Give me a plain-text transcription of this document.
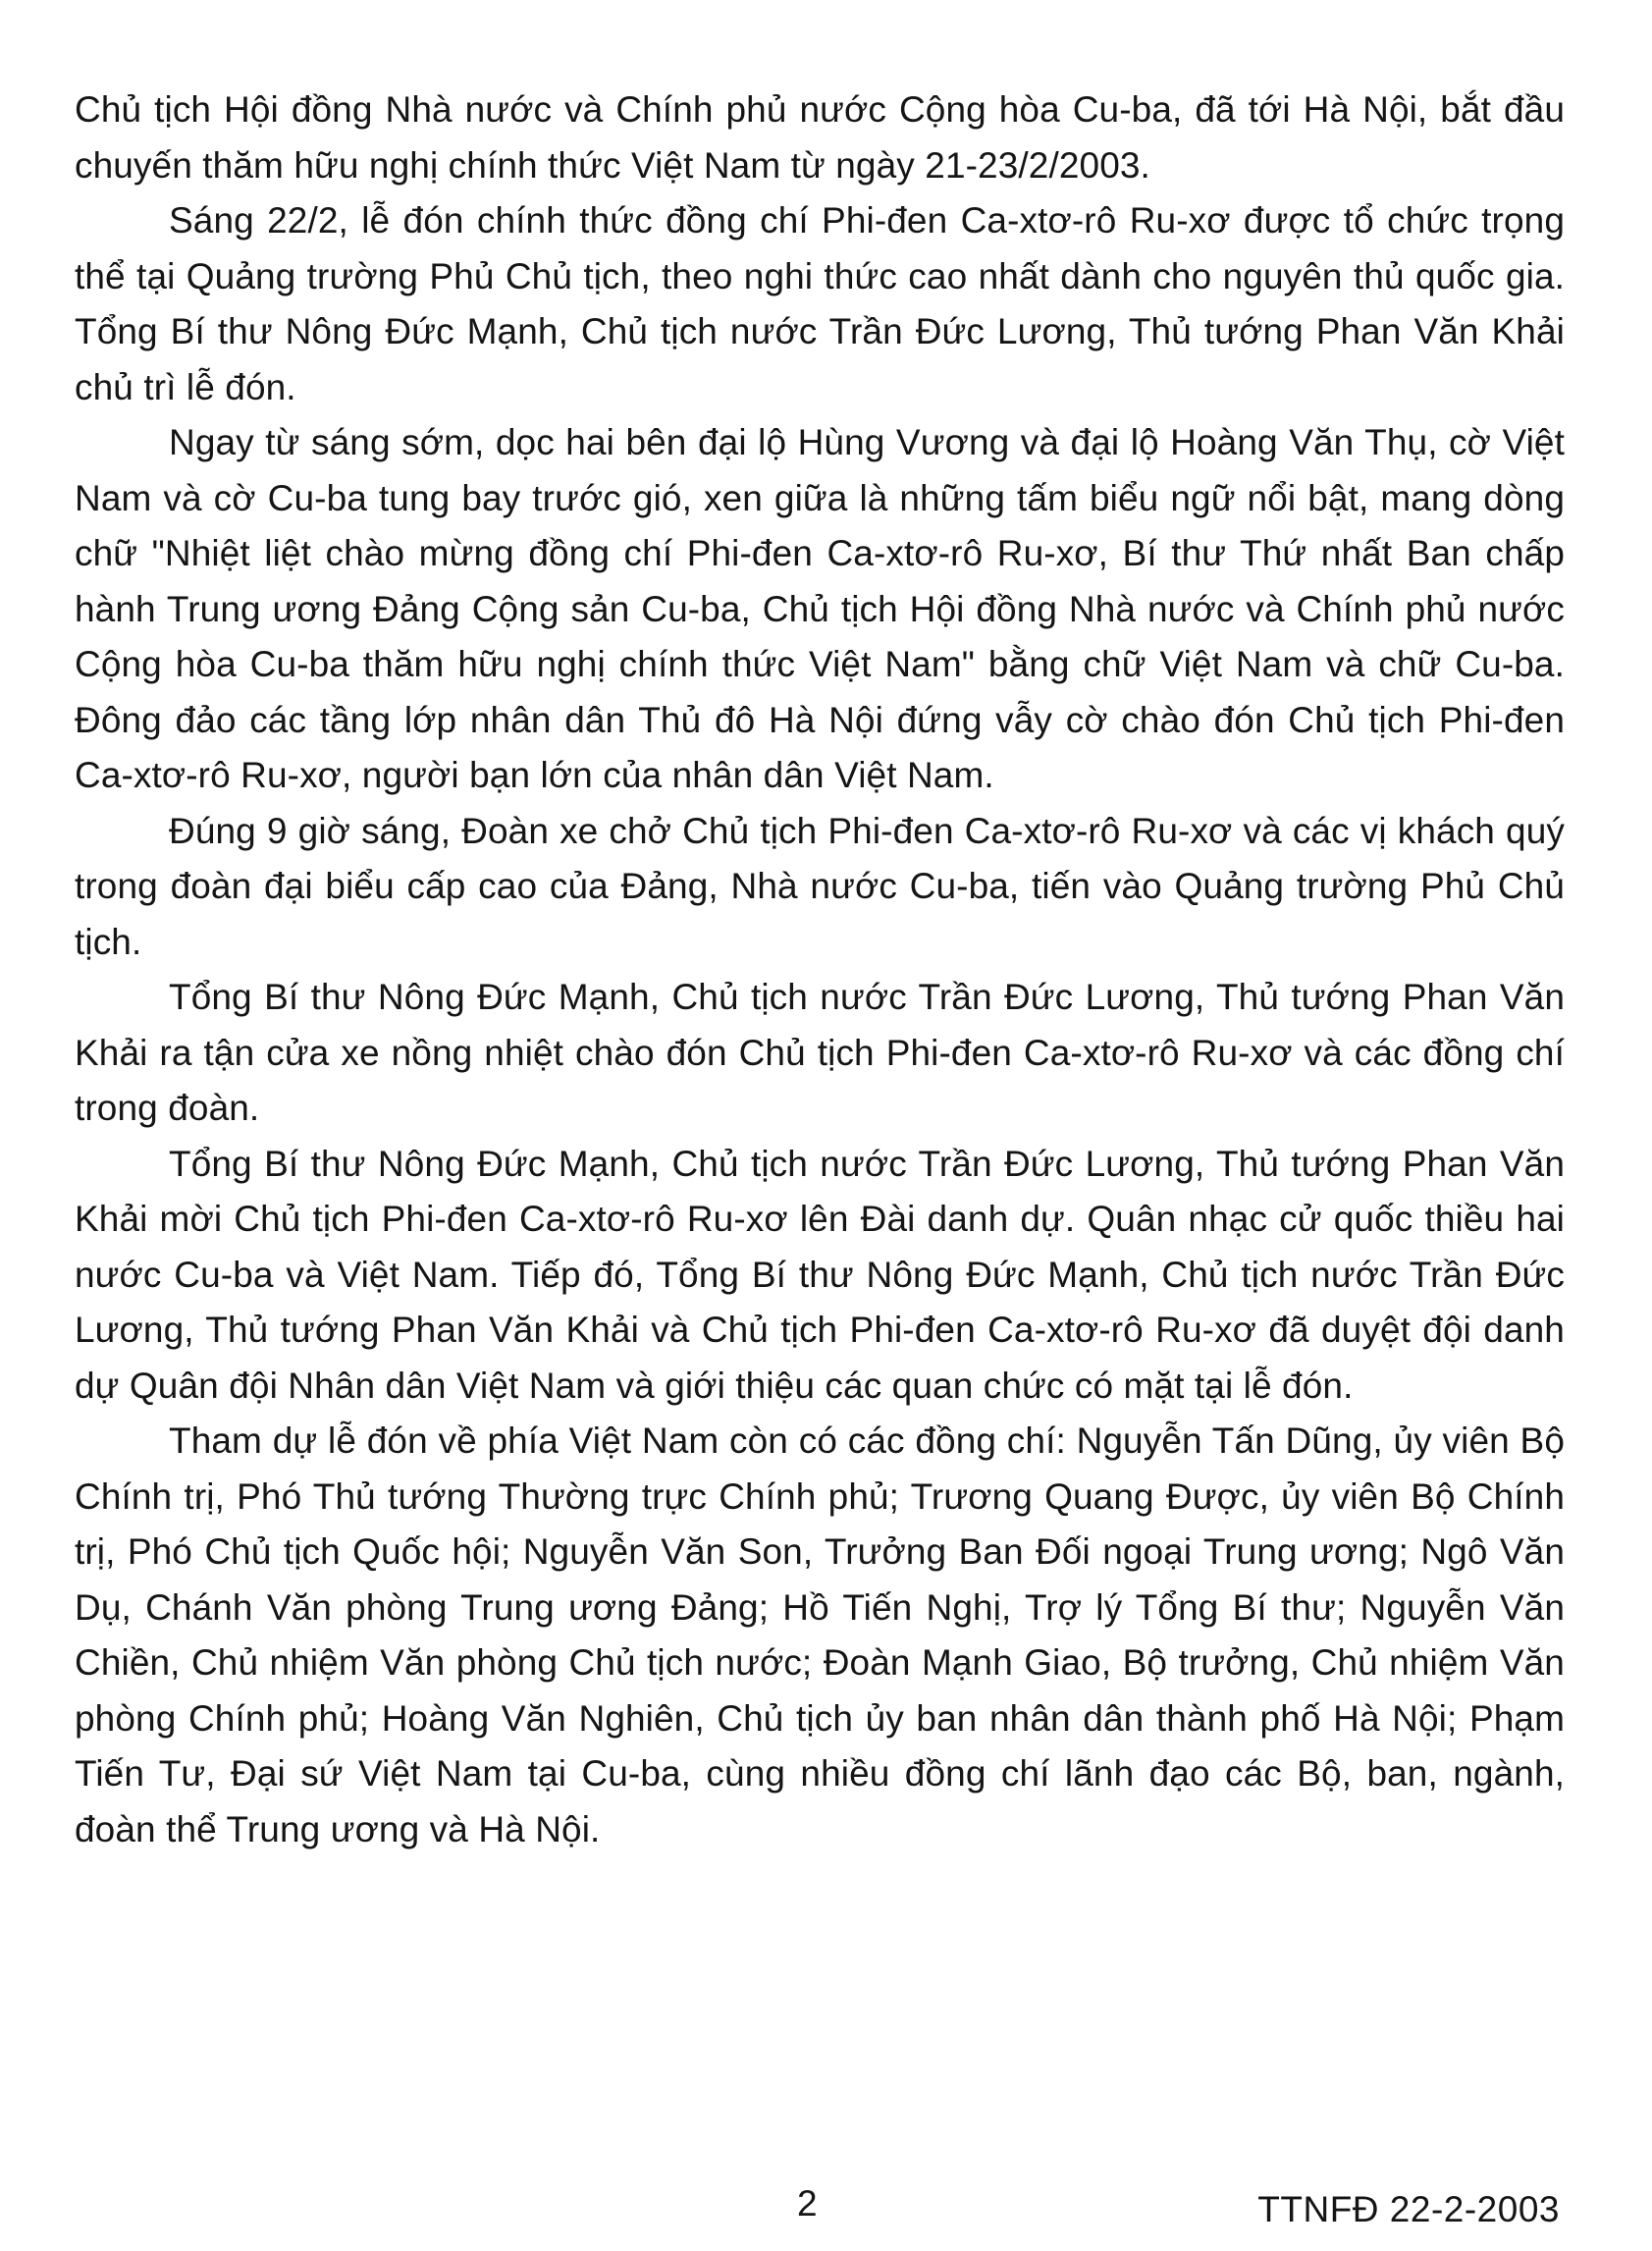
Chủ tịch Hội đồng Nhà nước và Chính phủ nước Cộng hòa Cu-ba, đã tới Hà Nội, bắt đầu chuyến thăm hữu nghị chính thức Việt Nam từ ngày 21-23/2/2003.

Sáng 22/2, lễ đón chính thức đồng chí Phi-đen Ca-xtơ-rô Ru-xơ được tổ chức trọng thể tại Quảng trường Phủ Chủ tịch, theo nghi thức cao nhất dành cho nguyên thủ quốc gia. Tổng Bí thư Nông Đức Mạnh, Chủ tịch nước Trần Đức Lương, Thủ tướng Phan Văn Khải chủ trì lễ đón.

Ngay từ sáng sớm, dọc hai bên đại lộ Hùng Vương và đại lộ Hoàng Văn Thụ, cờ Việt Nam và cờ Cu-ba tung bay trước gió, xen giữa là những tấm biểu ngữ nổi bật, mang dòng chữ "Nhiệt liệt chào mừng đồng chí Phi-đen Ca-xtơ-rô Ru-xơ, Bí thư Thứ nhất Ban chấp hành Trung ương Đảng Cộng sản Cu-ba, Chủ tịch Hội đồng Nhà nước và Chính phủ nước Cộng hòa Cu-ba thăm hữu nghị chính thức Việt Nam" bằng chữ Việt Nam và chữ Cu-ba. Đông đảo các tầng lớp nhân dân Thủ đô Hà Nội đứng vẫy cờ chào đón Chủ tịch Phi-đen Ca-xtơ-rô Ru-xơ, người bạn lớn của nhân dân Việt Nam.

Đúng 9 giờ sáng, Đoàn xe chở Chủ tịch Phi-đen Ca-xtơ-rô Ru-xơ và các vị khách quý trong đoàn đại biểu cấp cao của Đảng, Nhà nước Cu-ba, tiến vào Quảng trường Phủ Chủ tịch.

Tổng Bí thư Nông Đức Mạnh, Chủ tịch nước Trần Đức Lương, Thủ tướng Phan Văn Khải ra tận cửa xe nồng nhiệt chào đón Chủ tịch Phi-đen Ca-xtơ-rô Ru-xơ và các đồng chí trong đoàn.

Tổng Bí thư Nông Đức Mạnh, Chủ tịch nước Trần Đức Lương, Thủ tướng Phan Văn Khải mời Chủ tịch Phi-đen Ca-xtơ-rô Ru-xơ lên Đài danh dự. Quân nhạc cử quốc thiều hai nước Cu-ba và Việt Nam. Tiếp đó, Tổng Bí thư Nông Đức Mạnh, Chủ tịch nước Trần Đức Lương, Thủ tướng Phan Văn Khải và Chủ tịch Phi-đen Ca-xtơ-rô Ru-xơ đã duyệt đội danh dự Quân đội Nhân dân Việt Nam và giới thiệu các quan chức có mặt tại lễ đón.

Tham dự lễ đón về phía Việt Nam còn có các đồng chí: Nguyễn Tấn Dũng, ủy viên Bộ Chính trị, Phó Thủ tướng Thường trực Chính phủ; Trương Quang Được, ủy viên Bộ Chính trị, Phó Chủ tịch Quốc hội; Nguyễn Văn Son, Trưởng Ban Đối ngoại Trung ương; Ngô Văn Dụ, Chánh Văn phòng Trung ương Đảng; Hồ Tiến Nghị, Trợ lý Tổng Bí thư; Nguyễn Văn Chiền, Chủ nhiệm Văn phòng Chủ tịch nước; Đoàn Mạnh Giao, Bộ trưởng, Chủ nhiệm Văn phòng Chính phủ; Hoàng Văn Nghiên, Chủ tịch ủy ban nhân dân thành phố Hà Nội; Phạm Tiến Tư, Đại sứ Việt Nam tại Cu-ba, cùng nhiều đồng chí lãnh đạo các Bộ, ban, ngành, đoàn thể Trung ương và Hà Nội.

2	TTNFĐ 22-2-2003
